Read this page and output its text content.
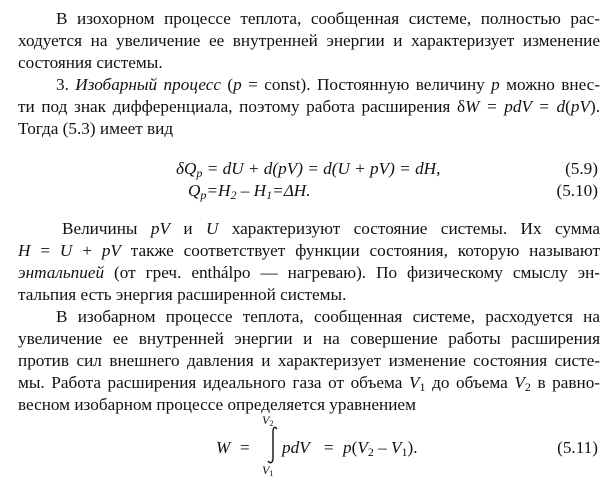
В изохорном процессе теплота, сообщенная системе, полностью рас-
ходуется на увеличение ее внутренней энергии и характеризует изменение
состояния системы.
3. Изобарный процесс (p = const). Постоянную величину p можно внес-
ти под знак дифференциала, поэтому работа расширения δW = pdV = d(pV).
Тогда (5.3) имеет вид
$\delta Q_p$ = dU + d(pV) = d(U + pV) = dH,	(5.9)
$Q_p=H_2 - H_1=\Delta H$.	(5.10)
Величины pV и U характеризуют состояние системы. Их сумма
H = U + pV также соответствует функции состояния, которую называют
энтальпией (от греч. enthálpo — нагреваю). По физическому смыслу эн-
тальпия есть энергия расширенной системы.
В изобарном процессе теплота, сообщенная системе, расходуется на
увеличение ее внутренней энергии и на совершение работы расширения
против сил внешнего давления и характеризует изменение состояния систе-
мы. Работа расширения идеального газа от объема $V_1$ до объема $V_2$ в равно-
весном изобарном процессе определяется уравнением
W =
$V_2$
$V_1$
pdV = $p(V_2 - V_1)$.	(5.11)
